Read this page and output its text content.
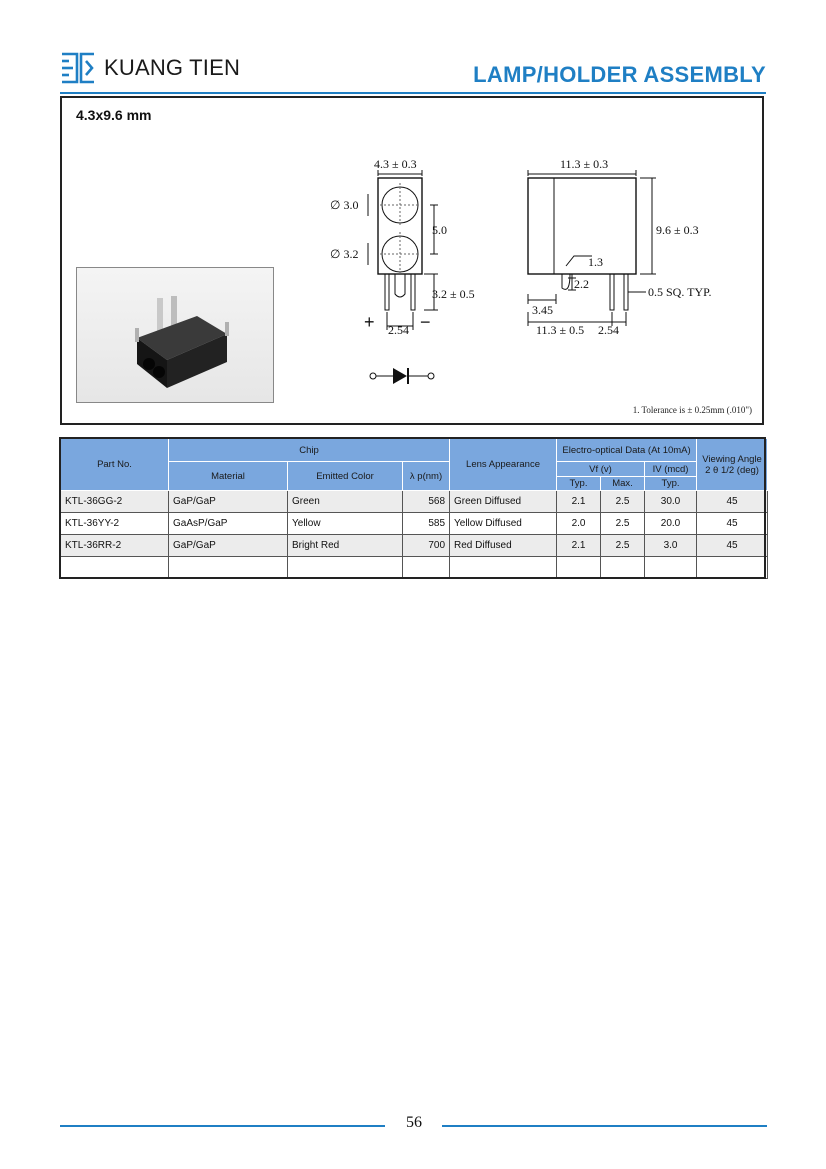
KUANG TIEN	LAMP/HOLDER ASSEMBLY
4.3x9.6 mm
4.3 ± 0.3
∅ 3.0
∅ 3.2
5.0
3.2 ± 0.5
2.54
+	−
11.3 ± 0.3
9.6 ± 0.3
1.3
2.2
0.5 SQ. TYP.
3.45
11.3 ± 0.5 2.54
1. Tolerance is ± 0.25mm (.010")
Part No.	Chip			Lens Appearance	Electro-optical Data (At 10mA)			Viewing Angle 2 θ 1/2 (deg)
	Material	Emitted Color	λ p(nm)		Vf (v)		IV (mcd)	
					Typ.	Max.	Typ.	
KTL-36GG-2	GaP/GaP	Green	568	Green Diffused	2.1	2.5	30.0	45
KTL-36YY-2	GaAsP/GaP	Yellow	585	Yellow Diffused	2.0	2.5	20.0	45
KTL-36RR-2	GaP/GaP	Bright Red	700	Red Diffused	2.1	2.5	3.0	45

56
